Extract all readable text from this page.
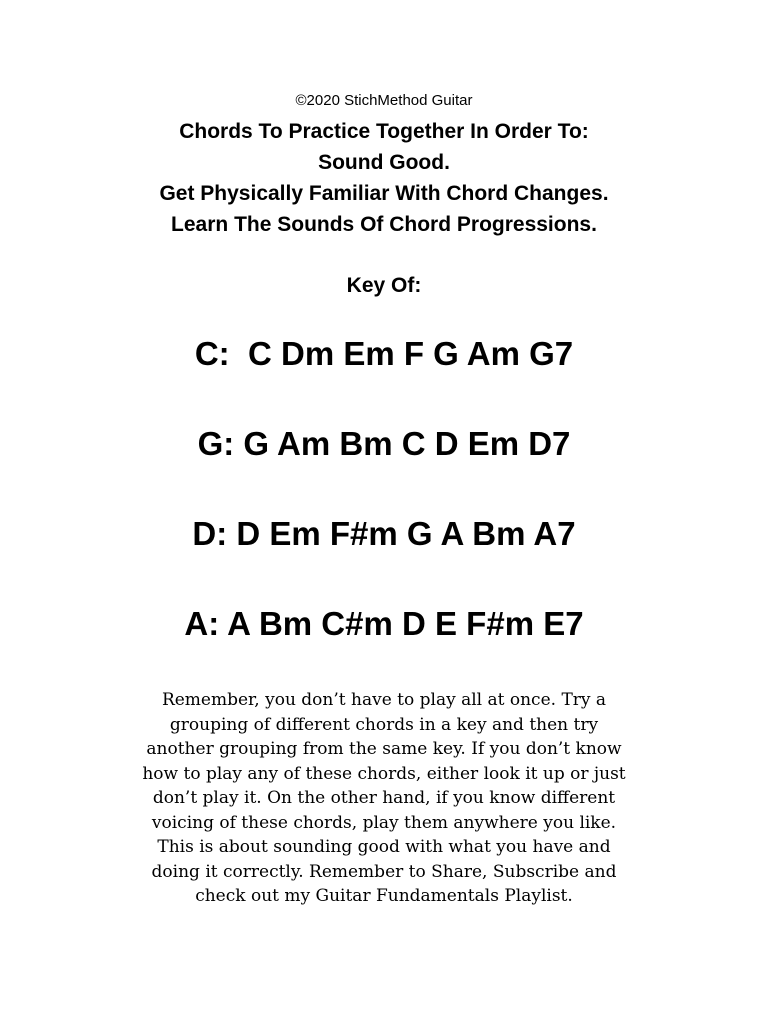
©2020 StichMethod Guitar
Chords To Practice Together In Order To:
Sound Good.
Get Physically Familiar With Chord Changes.
Learn The Sounds Of Chord Progressions.
Key Of:
C:  C Dm Em F G Am G7
G: G Am Bm C D Em D7
D: D Em F#m G A Bm A7
A: A Bm C#m D E F#m E7
Remember, you don’t have to play all at once. Try a
grouping of different chords in a key and then try
another grouping from the same key. If you don’t know
how to play any of these chords, either look it up or just
don’t play it. On the other hand, if you know different
voicing of these chords, play them anywhere you like.
This is about sounding good with what you have and
doing it correctly. Remember to Share, Subscribe and
check out my Guitar Fundamentals Playlist.
